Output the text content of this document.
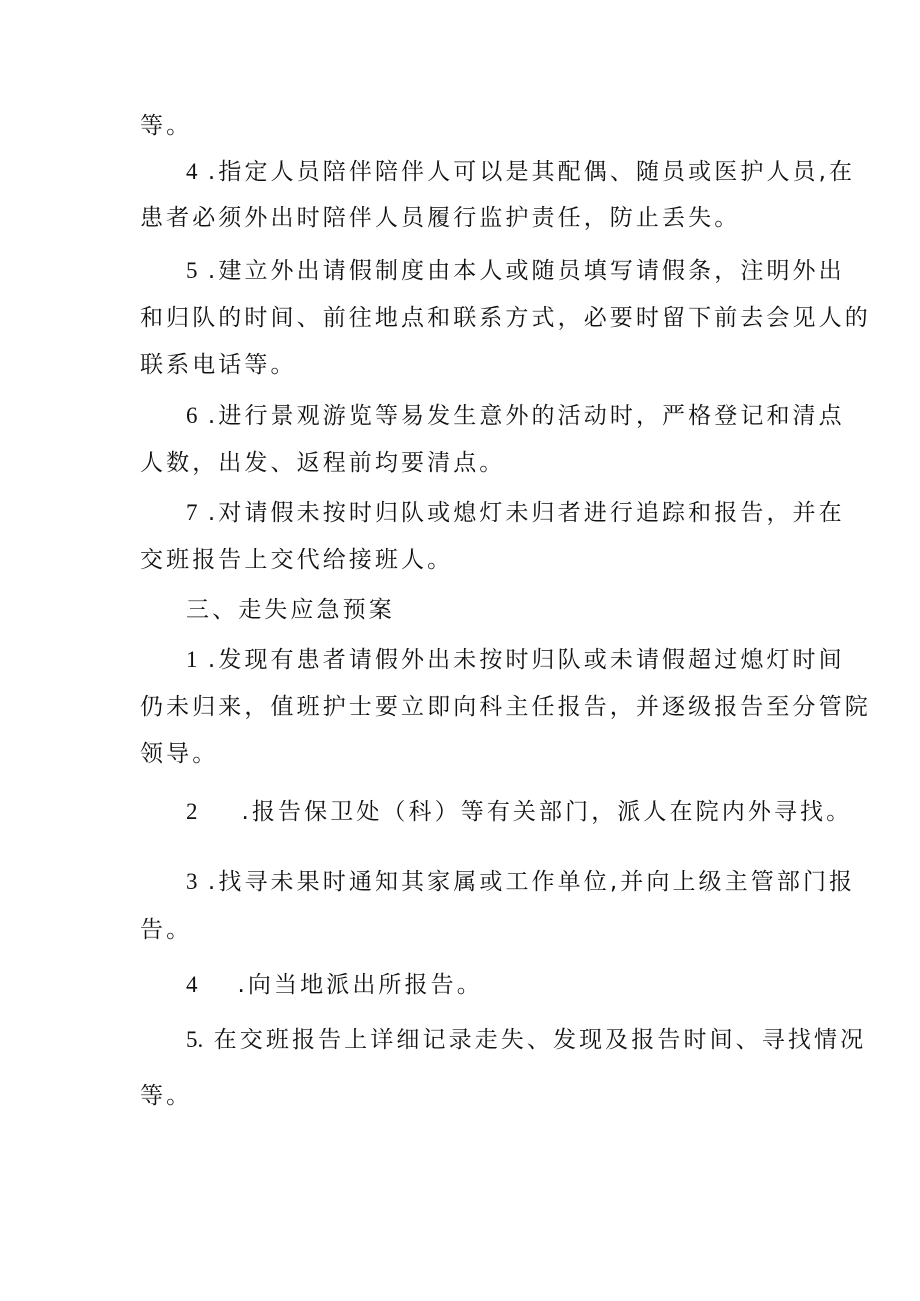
等。
4 .指定人员陪伴陪伴人可以是其配偶、随员或医护人员,在
患者必须外出时陪伴人员履行监护责任，防止丢失。
5 .建立外出请假制度由本人或随员填写请假条，注明外出
和归队的时间、前往地点和联系方式，必要时留下前去会见人的
联系电话等。
6 .进行景观游览等易发生意外的活动时，严格登记和清点
人数，出发、返程前均要清点。
7 .对请假未按时归队或熄灯未归者进行追踪和报告，并在
交班报告上交代给接班人。
三、走失应急预案
1 .发现有患者请假外出未按时归队或未请假超过熄灯时间
仍未归来，值班护士要立即向科主任报告，并逐级报告至分管院
领导。
2 .报告保卫处（科）等有关部门，派人在院内外寻找。
3 .找寻未果时通知其家属或工作单位,并向上级主管部门报
告。
4 .向当地派出所报告。
5. 在交班报告上详细记录走失、发现及报告时间、寻找情况
等。
